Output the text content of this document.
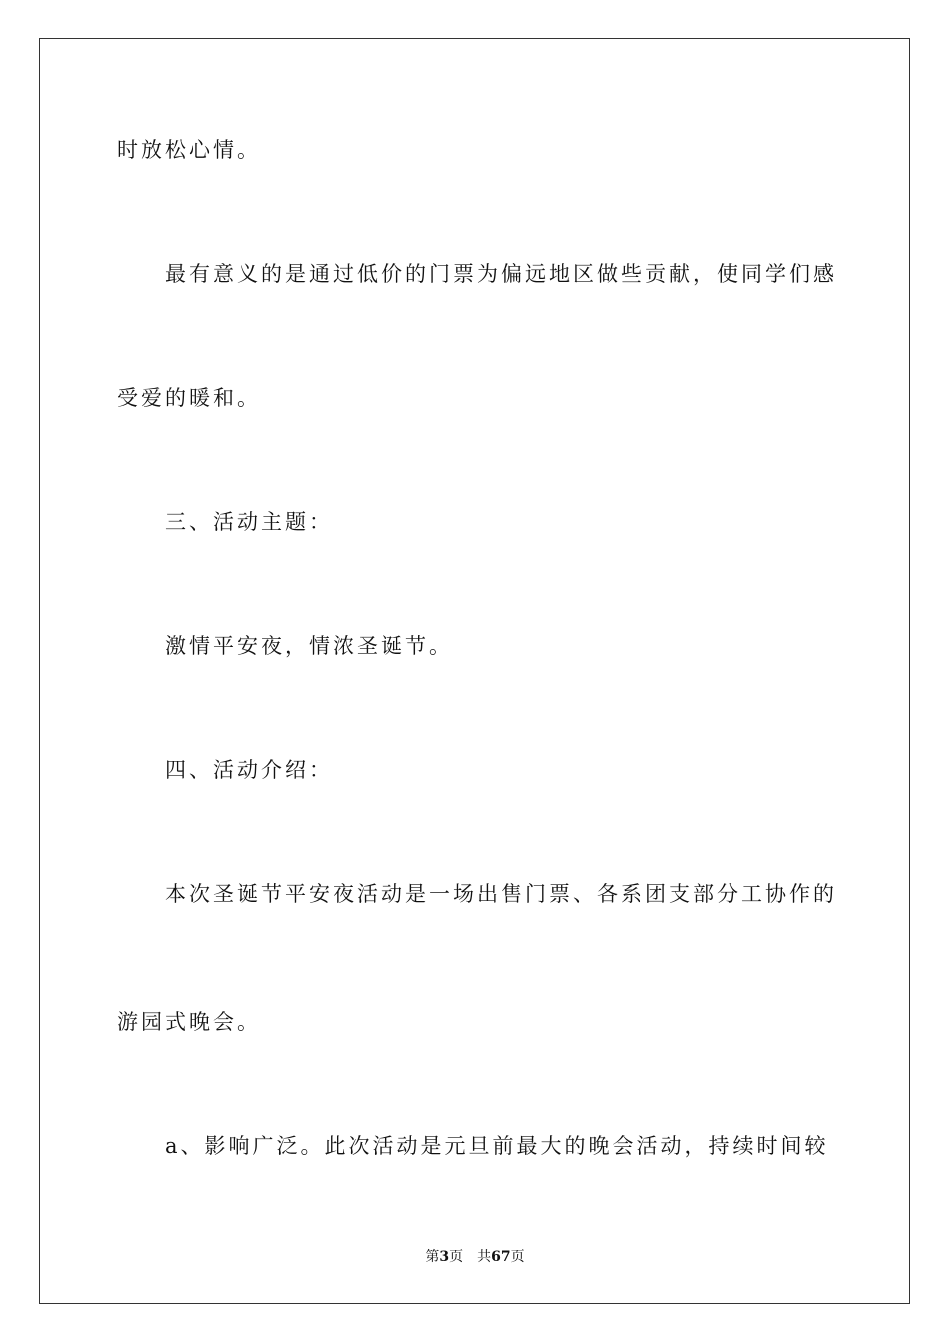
时放松心情。
最有意义的是通过低价的门票为偏远地区做些贡献，使同学们感
受爱的暖和。
三、活动主题：
激情平安夜，情浓圣诞节。
四、活动介绍：
本次圣诞节平安夜活动是一场出售门票、各系团支部分工协作的
游园式晚会。
a、影响广泛。此次活动是元旦前最大的晚会活动，持续时间较
第3页 共67页
